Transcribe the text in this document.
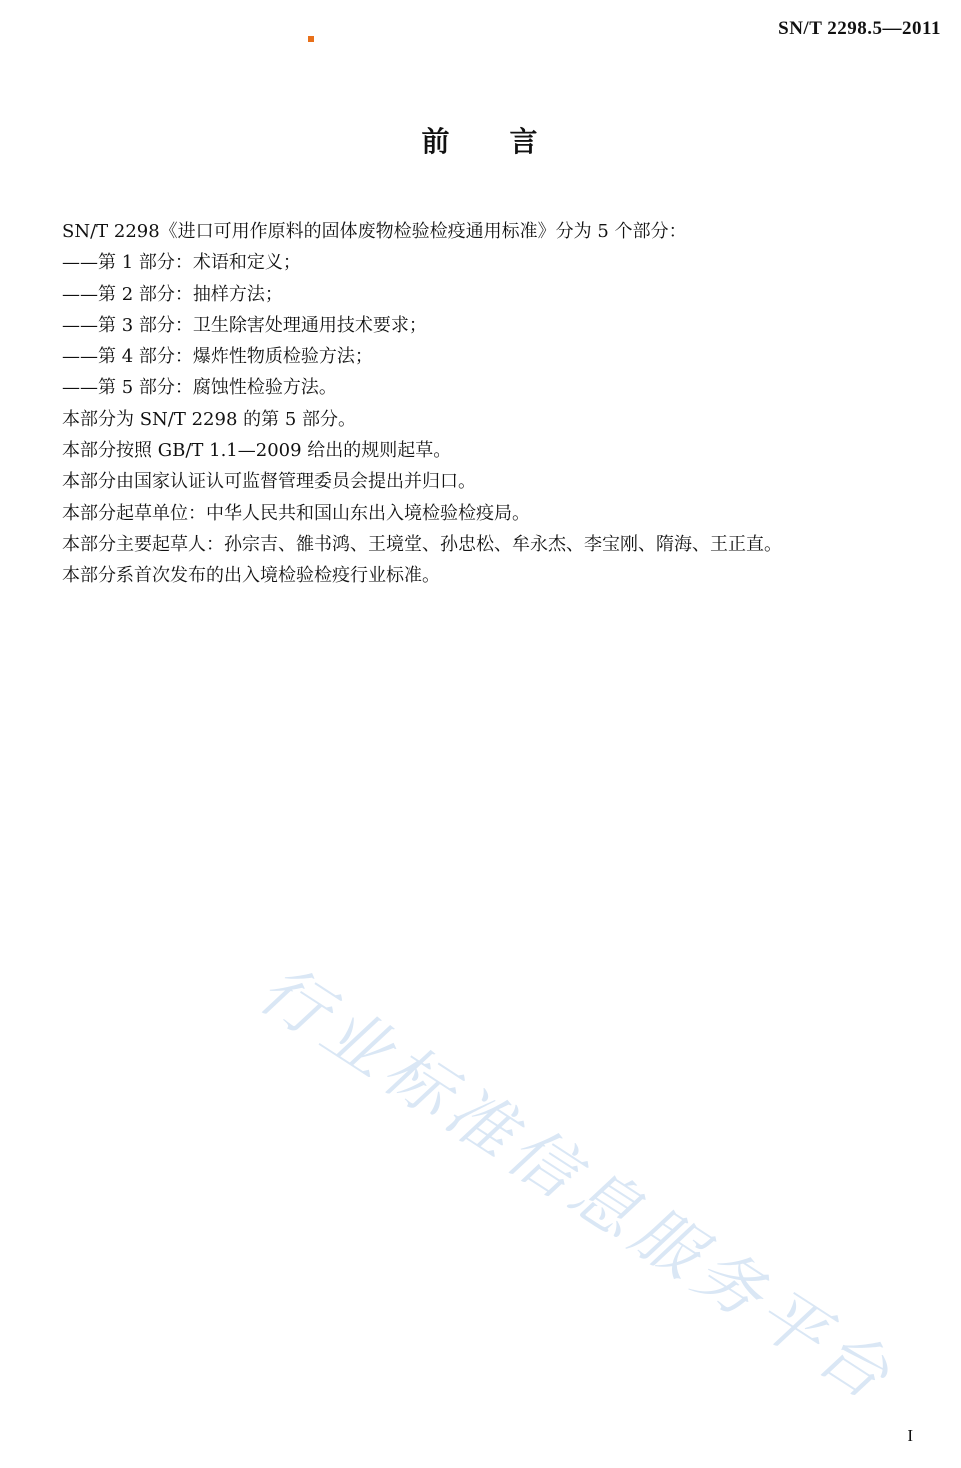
SN/T 2298.5—2011
前 言
SN/T 2298《进口可用作原料的固体废物检验检疫通用标准》分为 5 个部分：
——第 1 部分：术语和定义；
——第 2 部分：抽样方法；
——第 3 部分：卫生除害处理通用技术要求；
——第 4 部分：爆炸性物质检验方法；
——第 5 部分：腐蚀性检验方法。
本部分为 SN/T 2298 的第 5 部分。
本部分按照 GB/T 1.1—2009 给出的规则起草。
本部分由国家认证认可监督管理委员会提出并归口。
本部分起草单位：中华人民共和国山东出入境检验检疫局。
本部分主要起草人：孙宗吉、雒书鸿、王境堂、孙忠松、牟永杰、李宝刚、隋海、王正直。
本部分系首次发布的出入境检验检疫行业标准。
行业标准信息服务平台
I
